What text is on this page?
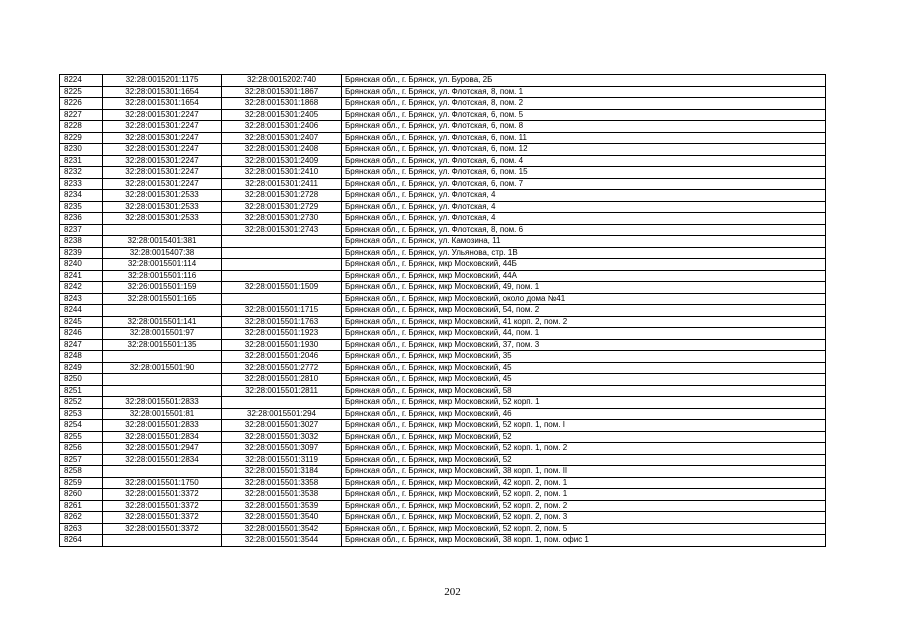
8224	32:28:0015201:1175	32:28:0015202:740	Брянская обл., г. Брянск, ул. Бурова, 2Б
8225	32:28:0015301:1654	32:28:0015301:1867	Брянская обл., г. Брянск, ул. Флотская, 8, пом. 1
8226	32:28:0015301:1654	32:28:0015301:1868	Брянская обл., г. Брянск, ул. Флотская, 8, пом. 2
8227	32:28:0015301:2247	32:28:0015301:2405	Брянская обл., г. Брянск, ул. Флотская, 6, пом. 5
8228	32:28:0015301:2247	32:28:0015301:2406	Брянская обл., г. Брянск, ул. Флотская, 6, пом. 8
8229	32:28:0015301:2247	32:28:0015301:2407	Брянская обл., г. Брянск, ул. Флотская, 6, пом. 11
8230	32:28:0015301:2247	32:28:0015301:2408	Брянская обл., г. Брянск, ул. Флотская, 6, пом. 12
8231	32:28:0015301:2247	32:28:0015301:2409	Брянская обл., г. Брянск, ул. Флотская, 6, пом. 4
8232	32:28:0015301:2247	32:28:0015301:2410	Брянская обл., г. Брянск, ул. Флотская, 6, пом. 15
8233	32:28:0015301:2247	32:28:0015301:2411	Брянская обл., г. Брянск, ул. Флотская, 6, пом. 7
8234	32:28:0015301:2533	32:28:0015301:2728	Брянская обл., г. Брянск, ул. Флотская, 4
8235	32:28:0015301:2533	32:28:0015301:2729	Брянская обл., г. Брянск, ул. Флотская, 4
8236	32:28:0015301:2533	32:28:0015301:2730	Брянская обл., г. Брянск, ул. Флотская, 4
8237		32:28:0015301:2743	Брянская обл., г. Брянск, ул. Флотская, 8, пом. 6
8238	32:28:0015401:381		Брянская обл., г. Брянск, ул. Камозина, 11
8239	32:28:0015407:38		Брянская обл., г. Брянск, ул. Ульянова, стр. 1В
8240	32:28:0015501:114		Брянская обл., г. Брянск, мкр Московский, 44Б
8241	32:28:0015501:116		Брянская обл., г. Брянск, мкр Московский, 44А
8242	32:26:0015501:159	32:28:0015501:1509	Брянская обл., г. Брянск, мкр Московский, 49, пом. 1
8243	32:28:0015501:165		Брянская обл., г. Брянск, мкр Московский, около дома №41
8244		32:28:0015501:1715	Брянская обл., г. Брянск, мкр Московский, 54, пом. 2
8245	32:28:0015501:141	32:28:0015501:1763	Брянская обл., г. Брянск, мкр Московский, 41 корп. 2, пом. 2
8246	32:28:0015501:97	32:28:0015501:1923	Брянская обл., г. Брянск, мкр Московский, 44, пом. 1
8247	32:28:0015501:135	32:28:0015501:1930	Брянская обл., г. Брянск, мкр Московский, 37, пом. 3
8248		32:28:0015501:2046	Брянская обл., г. Брянск, мкр Московский, 35
8249	32:28:0015501:90	32:28:0015501:2772	Брянская обл., г. Брянск, мкр Московский, 45
8250		32:28:0015501:2810	Брянская обл., г. Брянск, мкр Московский, 45
8251		32:28:0015501:2811	Брянская обл., г. Брянск, мкр Московский, 58
8252	32:28:0015501:2833		Брянская обл., г. Брянск, мкр Московский, 52 корп. 1
8253	32:28:0015501:81	32:28:0015501:294	Брянская обл., г. Брянск, мкр Московский, 46
8254	32:28:0015501:2833	32:28:0015501:3027	Брянская обл., г. Брянск, мкр Московский, 52 корп. 1, пом. I
8255	32:28:0015501:2834	32:28:0015501:3032	Брянская обл., г. Брянск, мкр Московский, 52
8256	32:28:0015501:2947	32:28:0015501:3097	Брянская обл., г. Брянск, мкр Московский, 52 корп. 1, пом. 2
8257	32:28:0015501:2834	32:28:0015501:3119	Брянская обл., г. Брянск, мкр Московский, 52
8258		32:28:0015501:3184	Брянская обл., г. Брянск, мкр Московский, 38 корп. 1, пом. II
8259	32:28:0015501:1750	32:28:0015501:3358	Брянская обл., г. Брянск, мкр Московский, 42 корп. 2, пом. 1
8260	32:28:0015501:3372	32:28:0015501:3538	Брянская обл., г. Брянск, мкр Московский, 52 корп. 2, пом. 1
8261	32:28:0015501:3372	32:28:0015501:3539	Брянская обл., г. Брянск, мкр Московский, 52 корп. 2, пом. 2
8262	32:28:0015501:3372	32:28:0015501:3540	Брянская обл., г. Брянск, мкр Московский, 52 корп. 2, пом. 3
8263	32:28:0015501:3372	32:28:0015501:3542	Брянская обл., г. Брянск, мкр Московский, 52 корп. 2, пом. 5
8264		32:28:0015501:3544	Брянская обл., г. Брянск, мкр Московский, 38 корп. 1, пом. офис 1
202
